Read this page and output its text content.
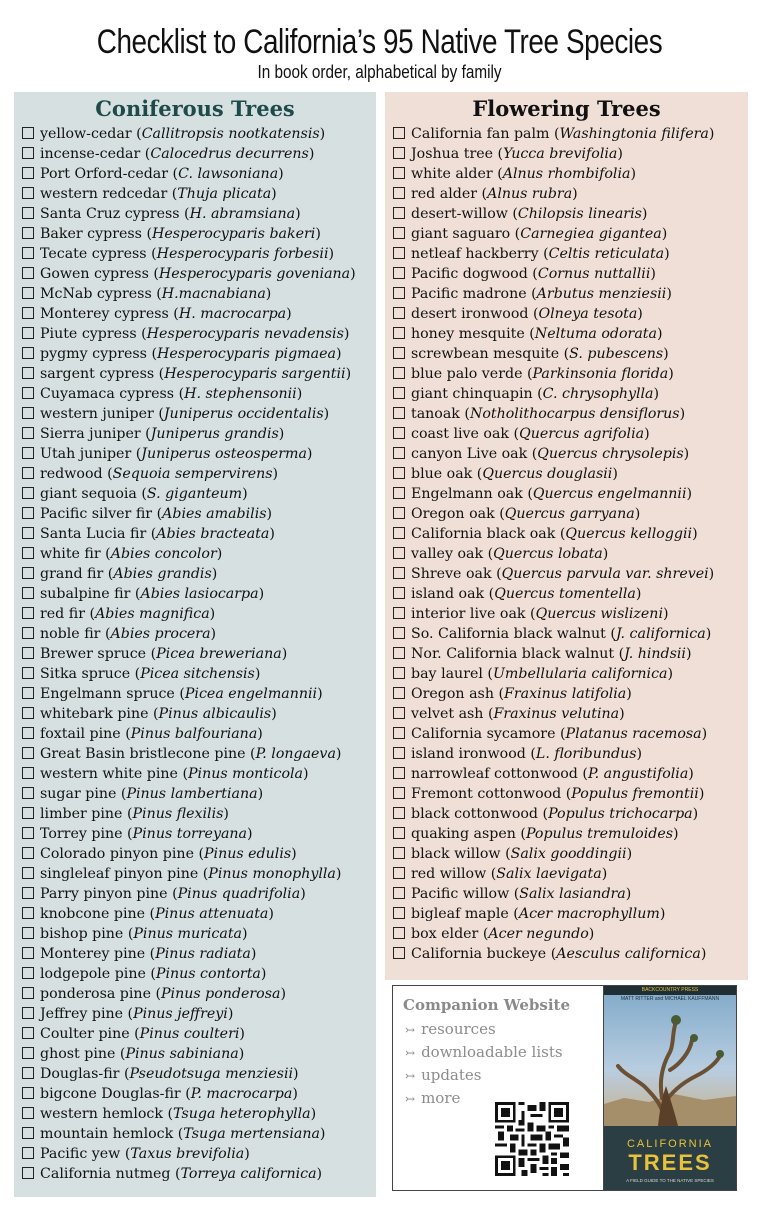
Checklist to California’s 95 Native Tree Species
In book order, alphabetical by family
Coniferous Trees
yellow-cedar (Callitropsis nootkatensis)
incense-cedar (Calocedrus decurrens)
Port Orford-cedar (C. lawsoniana)
western redcedar (Thuja plicata)
Santa Cruz cypress (H. abramsiana)
Baker cypress (Hesperocyparis bakeri)
Tecate cypress (Hesperocyparis forbesii)
Gowen cypress (Hesperocyparis goveniana)
McNab cypress (H.macnabiana)
Monterey cypress (H. macrocarpa)
Piute cypress (Hesperocyparis nevadensis)
pygmy cypress (Hesperocyparis pigmaea)
sargent cypress (Hesperocyparis sargentii)
Cuyamaca cypress (H. stephensonii)
western juniper (Juniperus occidentalis)
Sierra juniper (Juniperus grandis)
Utah juniper (Juniperus osteosperma)
redwood (Sequoia sempervirens)
giant sequoia (S. giganteum)
Pacific silver fir (Abies amabilis)
Santa Lucia fir (Abies bracteata)
white fir (Abies concolor)
grand fir (Abies grandis)
subalpine fir (Abies lasiocarpa)
red fir (Abies magnifica)
noble fir (Abies procera)
Brewer spruce (Picea breweriana)
Sitka spruce (Picea sitchensis)
Engelmann spruce (Picea engelmannii)
whitebark pine (Pinus albicaulis)
foxtail pine (Pinus balfouriana)
Great Basin bristlecone pine (P. longaeva)
western white pine (Pinus monticola)
sugar pine (Pinus lambertiana)
limber pine (Pinus flexilis)
Torrey pine (Pinus torreyana)
Colorado pinyon pine (Pinus edulis)
singleleaf pinyon pine (Pinus monophylla)
Parry pinyon pine (Pinus quadrifolia)
knobcone pine (Pinus attenuata)
bishop pine (Pinus muricata)
Monterey pine (Pinus radiata)
lodgepole pine (Pinus contorta)
ponderosa pine (Pinus ponderosa)
Jeffrey pine (Pinus jeffreyi)
Coulter pine (Pinus coulteri)
ghost pine (Pinus sabiniana)
Douglas-fir (Pseudotsuga menziesii)
bigcone Douglas-fir (P. macrocarpa)
western hemlock (Tsuga heterophylla)
mountain hemlock (Tsuga mertensiana)
Pacific yew (Taxus brevifolia)
California nutmeg (Torreya californica)
Flowering Trees
California fan palm (Washingtonia filifera)
Joshua tree (Yucca brevifolia)
white alder (Alnus rhombifolia)
red alder (Alnus rubra)
desert-willow (Chilopsis linearis)
giant saguaro (Carnegiea gigantea)
netleaf hackberry (Celtis reticulata)
Pacific dogwood (Cornus nuttallii)
Pacific madrone (Arbutus menziesii)
desert ironwood (Olneya tesota)
honey mesquite (Neltuma odorata)
screwbean mesquite (S. pubescens)
blue palo verde (Parkinsonia florida)
giant chinquapin (C. chrysophylla)
tanoak (Notholithocarpus densiflorus)
coast live oak (Quercus agrifolia)
canyon Live oak (Quercus chrysolepis)
blue oak (Quercus douglasii)
Engelmann oak (Quercus engelmannii)
Oregon oak (Quercus garryana)
California black oak (Quercus kelloggii)
valley oak (Quercus lobata)
Shreve oak (Quercus parvula var. shrevei)
island oak (Quercus tomentella)
interior live oak (Quercus wislizeni)
So. California black walnut (J. californica)
Nor. California black walnut (J. hindsii)
bay laurel (Umbellularia californica)
Oregon ash (Fraxinus latifolia)
velvet ash (Fraxinus velutina)
California sycamore (Platanus racemosa)
island ironwood (L. floribundus)
narrowleaf cottonwood (P. angustifolia)
Fremont cottonwood (Populus fremontii)
black cottonwood (Populus trichocarpa)
quaking aspen (Populus tremuloides)
black willow (Salix gooddingii)
red willow (Salix laevigata)
Pacific willow (Salix lasiandra)
bigleaf maple (Acer macrophyllum)
box elder (Acer negundo)
California buckeye (Aesculus californica)
Companion Website
↣ resources
↣ downloadable lists
↣ updates
↣ more
BACKCOUNTRY PRESS
MATT RITTER and MICHAEL KAUFFMANN
CALIFORNIA
TREES
A FIELD GUIDE TO THE NATIVE SPECIES
